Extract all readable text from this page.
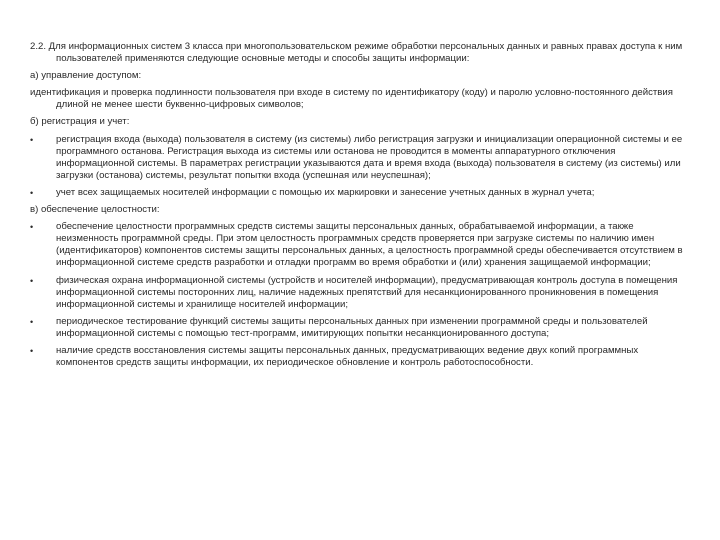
2.2. Для информационных систем 3 класса при многопользовательском режиме обработки персональных данных и равных правах доступа к ним пользователей применяются следующие основные методы и способы защиты информации:
а) управление доступом:
идентификация и проверка подлинности пользователя при входе в систему по идентификатору (коду) и паролю условно-постоянного действия длиной не менее шести буквенно-цифровых символов;
б) регистрация и учет:
•	регистрация входа (выхода) пользователя в систему (из системы) либо регистрация загрузки и инициализации операционной системы и ее программного останова. Регистрация выхода из системы или останова не проводится в моменты аппаратурного отключения информационной системы. В параметрах регистрации указываются дата и время входа (выхода) пользователя в систему (из системы) или загрузки (останова) системы, результат попытки входа (успешная или неуспешная);
•	учет всех защищаемых носителей информации с помощью их маркировки и занесение учетных данных в журнал учета;
в) обеспечение целостности:
•	обеспечение целостности программных средств системы защиты персональных данных, обрабатываемой информации, а также неизменность программной среды. При этом целостность программных средств проверяется при загрузке системы по наличию имен (идентификаторов) компонентов системы защиты персональных данных, а целостность программной среды обеспечивается отсутствием в информационной системе средств разработки и отладки программ во время обработки и (или) хранения защищаемой информации;
•	физическая охрана информационной системы (устройств и носителей информации), предусматривающая контроль доступа в помещения информационной системы посторонних лиц, наличие надежных препятствий для несанкционированного проникновения в помещения информационной системы и хранилище носителей информации;
•	периодическое тестирование функций системы защиты персональных данных при изменении программной среды и пользователей информационной системы с помощью тест-программ, имитирующих попытки несанкционированного доступа;
•	наличие средств восстановления системы защиты персональных данных, предусматривающих ведение двух копий программных компонентов средств защиты информации, их периодическое обновление и контроль работоспособности.
